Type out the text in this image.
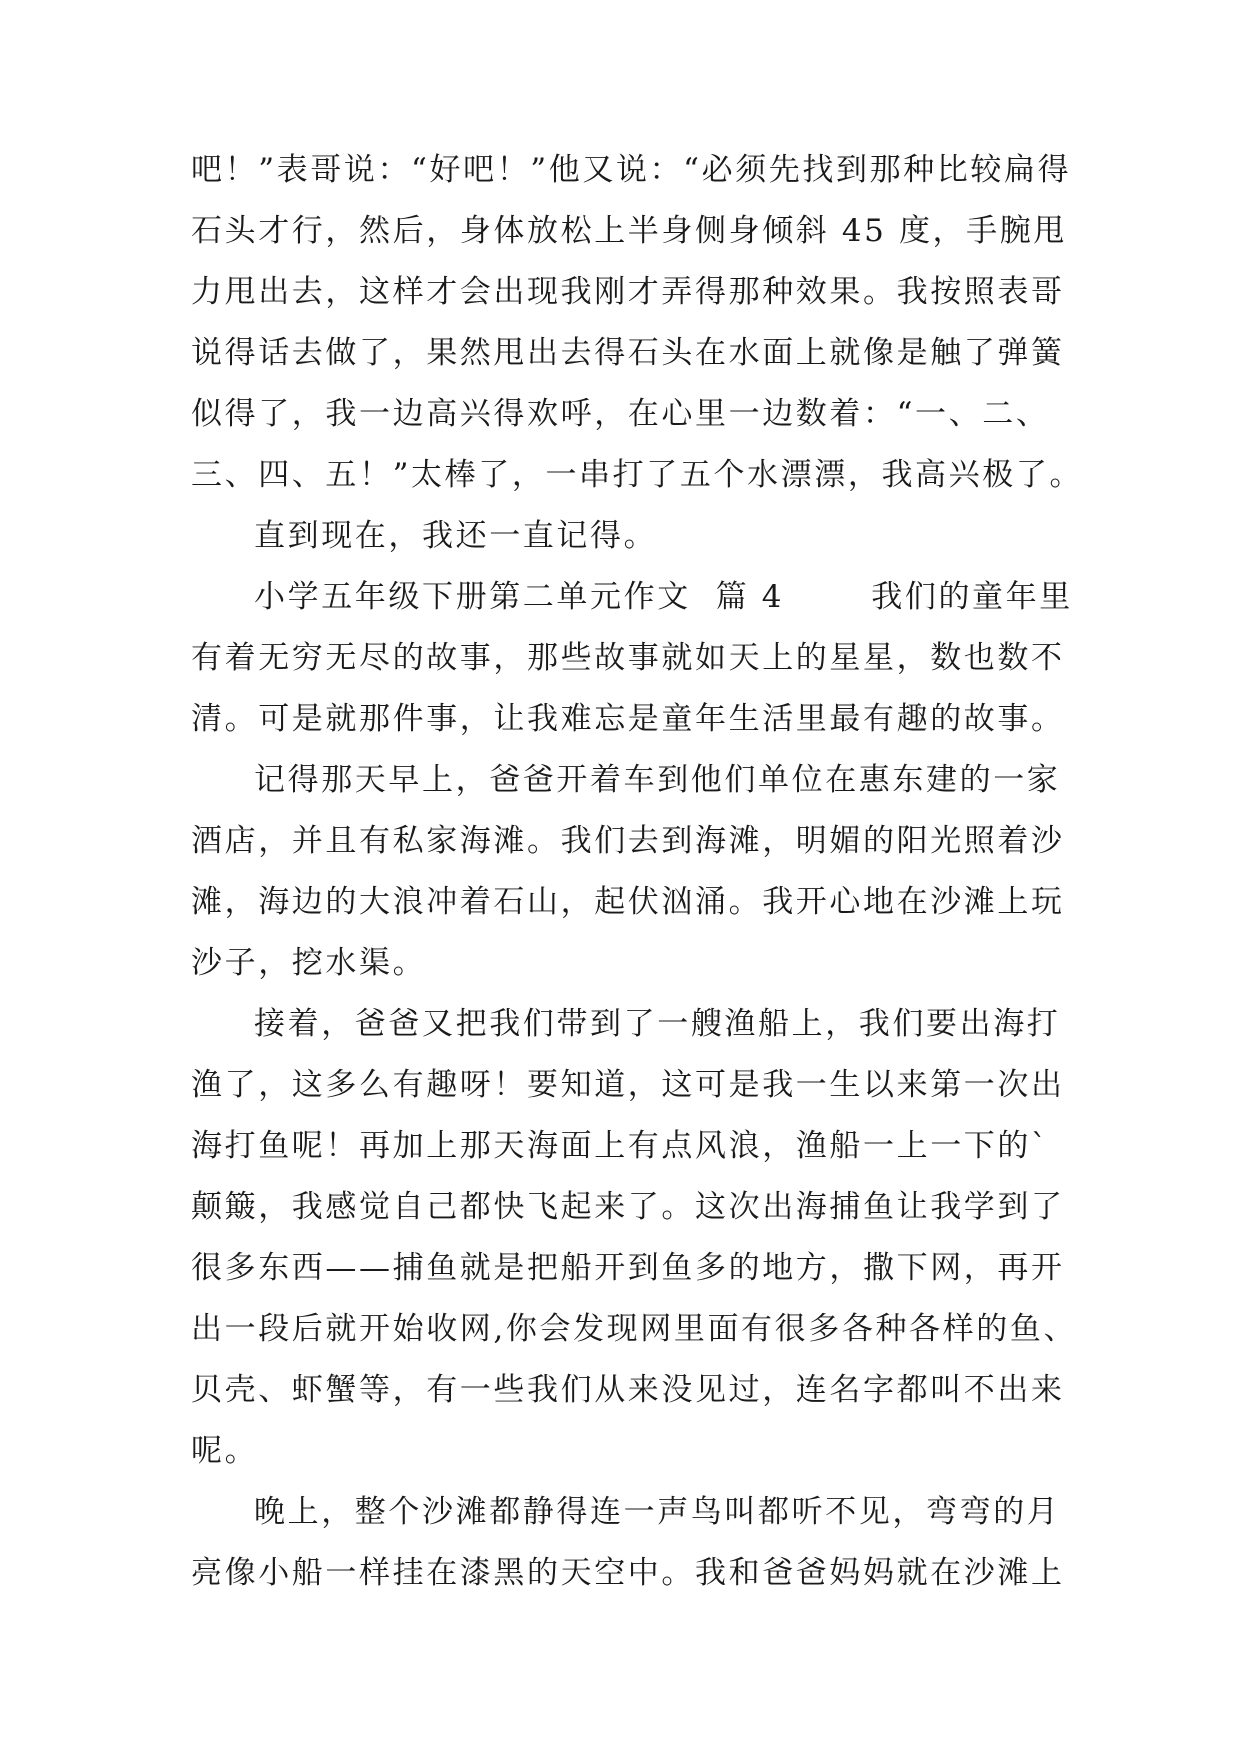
吧！”表哥说：“好吧！”他又说：“必须先找到那种比较扁得
石头才行，然后，身体放松上半身侧身倾斜 45 度，手腕甩
力甩出去，这样才会出现我刚才弄得那种效果。我按照表哥
说得话去做了，果然甩出去得石头在水面上就像是触了弹簧
似得了，我一边高兴得欢呼，在心里一边数着：“一、二、
三、四、五！”太棒了，一串打了五个水漂漂，我高兴极了。
直到现在，我还一直记得。
小学五年级下册第二单元作文  篇 4       我们的童年里
有着无穷无尽的故事，那些故事就如天上的星星，数也数不
清。可是就那件事，让我难忘是童年生活里最有趣的故事。
记得那天早上，爸爸开着车到他们单位在惠东建的一家
酒店，并且有私家海滩。我们去到海滩，明媚的阳光照着沙
滩，海边的大浪冲着石山，起伏汹涌。我开心地在沙滩上玩
沙子，挖水渠。
接着，爸爸又把我们带到了一艘渔船上，我们要出海打
渔了，这多么有趣呀！要知道，这可是我一生以来第一次出
海打鱼呢！再加上那天海面上有点风浪，渔船一上一下的`
颠簸，我感觉自己都快飞起来了。这次出海捕鱼让我学到了
很多东西——捕鱼就是把船开到鱼多的地方，撒下网，再开
出一段后就开始收网,你会发现网里面有很多各种各样的鱼、
贝壳、虾蟹等，有一些我们从来没见过，连名字都叫不出来
呢。
晚上，整个沙滩都静得连一声鸟叫都听不见，弯弯的月
亮像小船一样挂在漆黑的天空中。我和爸爸妈妈就在沙滩上
